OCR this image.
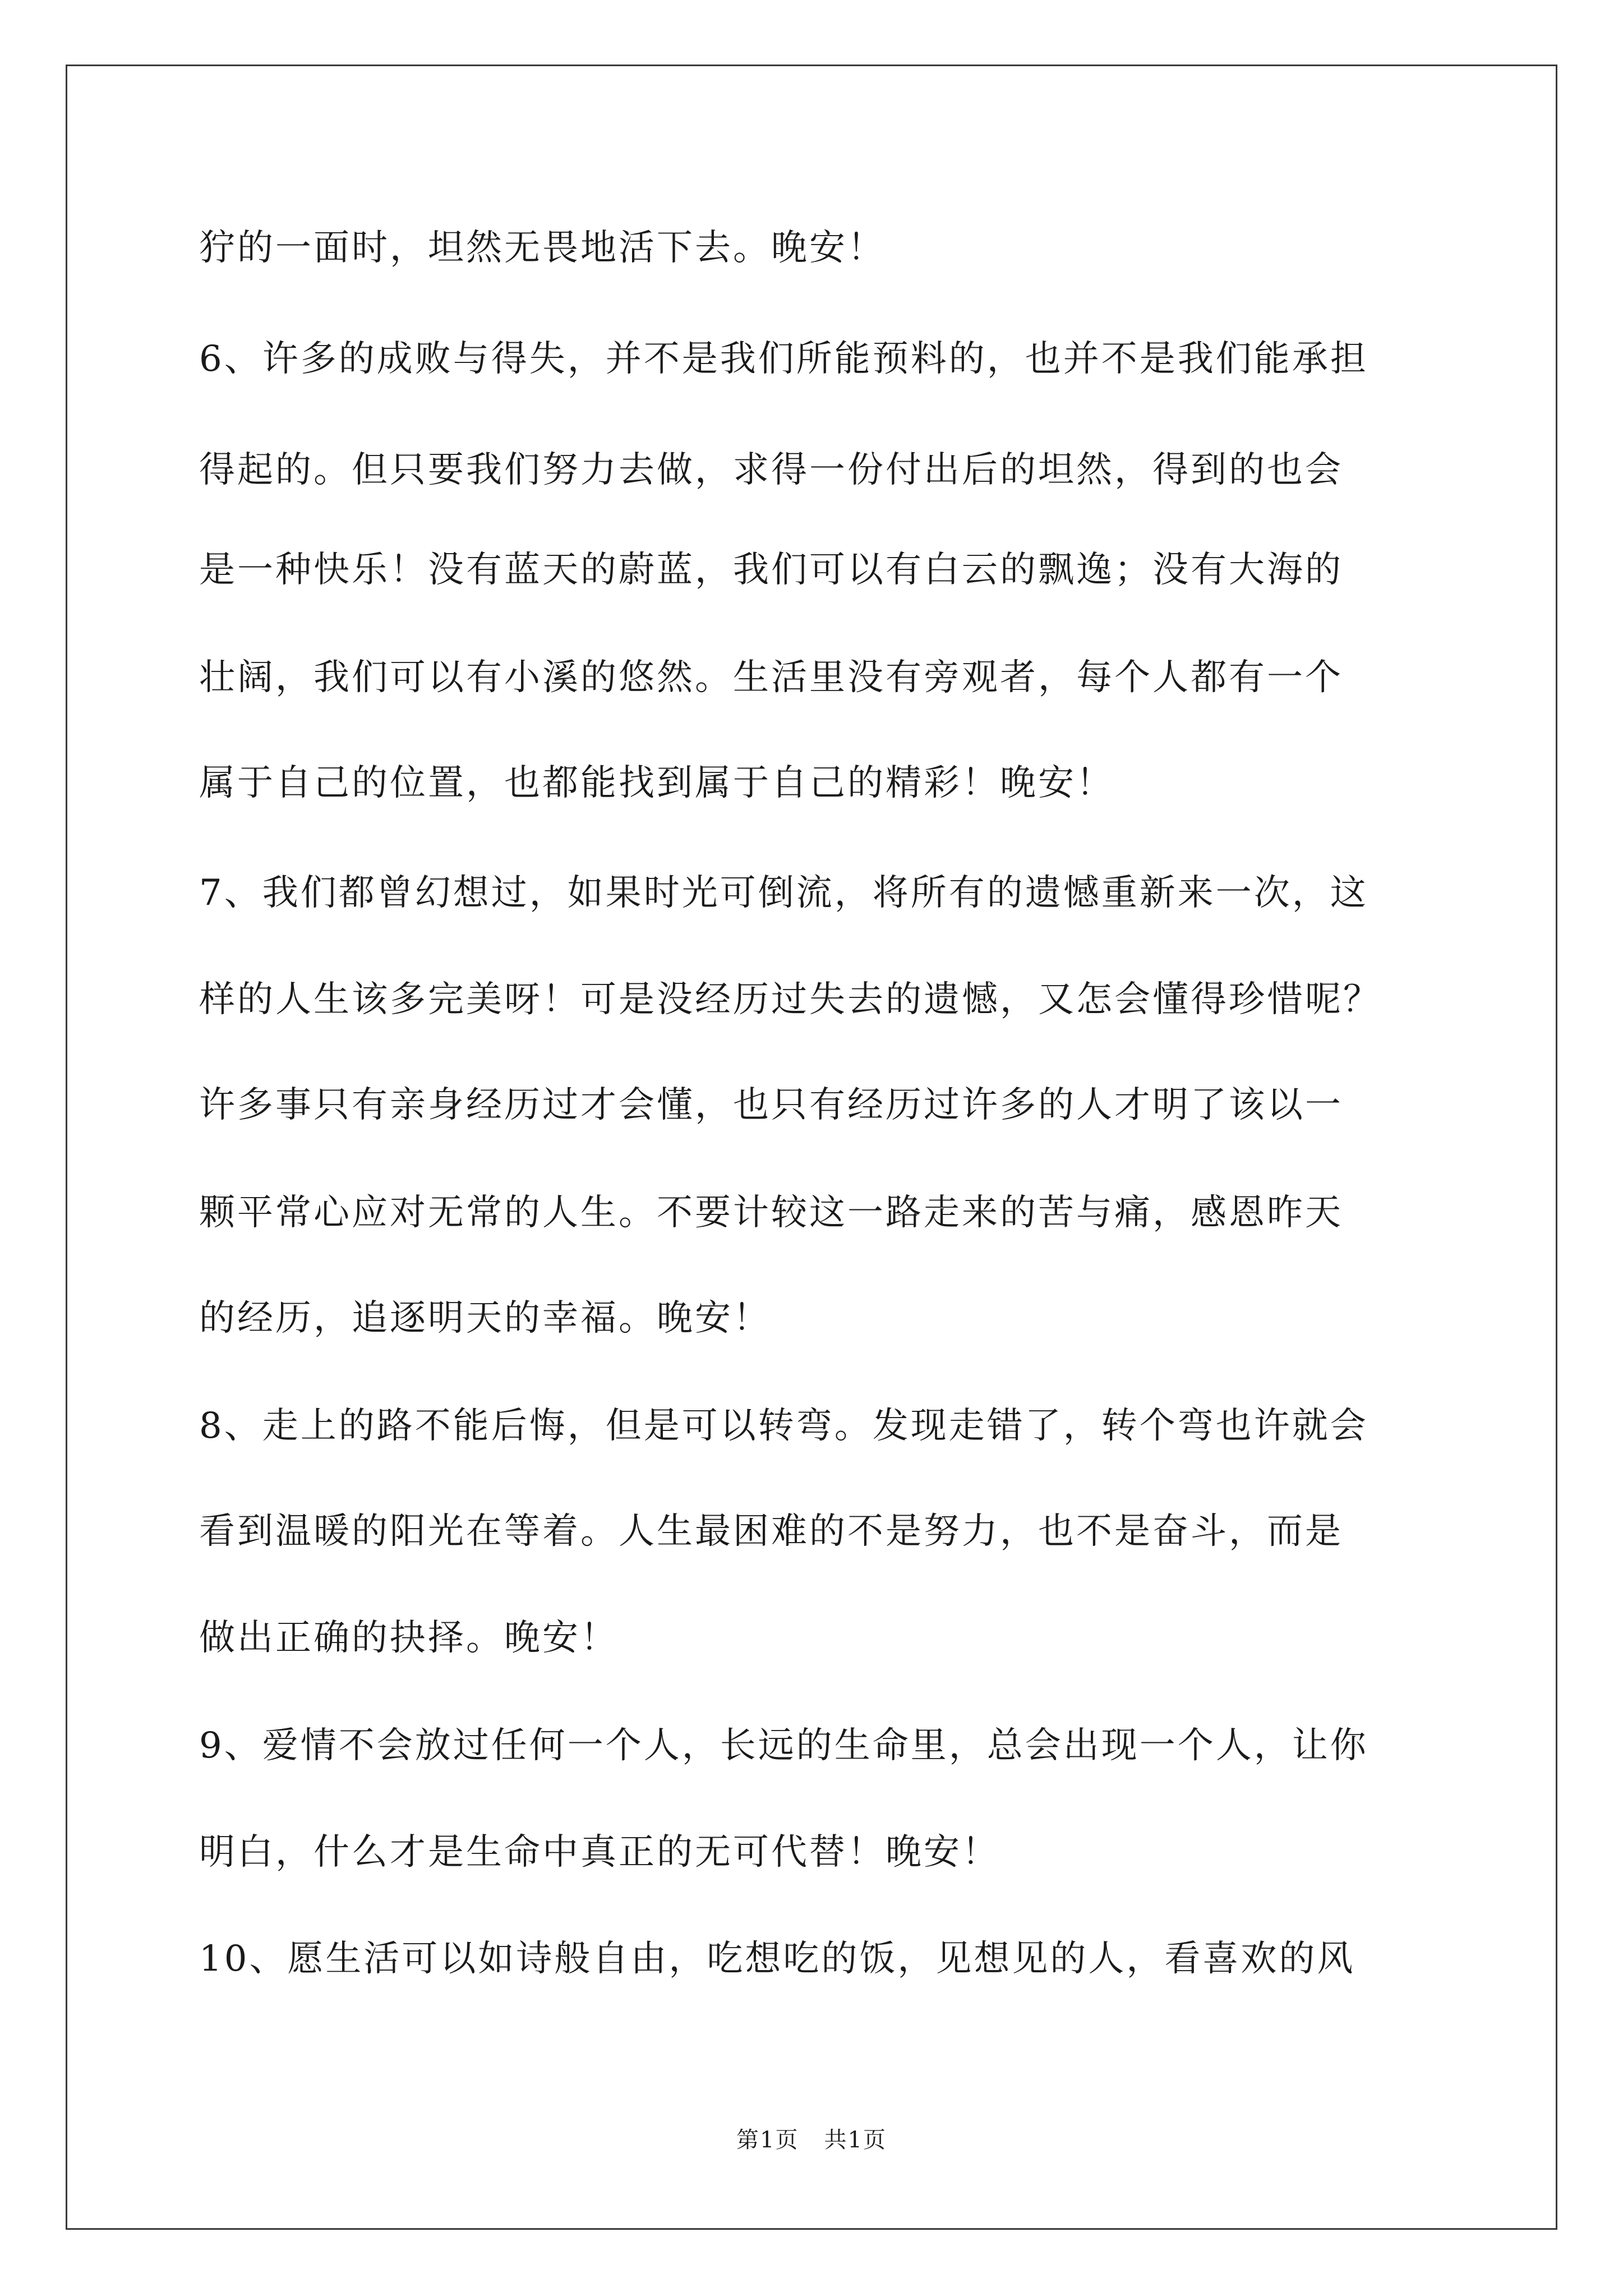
狞的一面时，坦然无畏地活下去。晚安！
6、许多的成败与得失，并不是我们所能预料的，也并不是我们能承担
得起的。但只要我们努力去做，求得一份付出后的坦然，得到的也会
是一种快乐！没有蓝天的蔚蓝，我们可以有白云的飘逸；没有大海的
壮阔，我们可以有小溪的悠然。生活里没有旁观者，每个人都有一个
属于自己的位置，也都能找到属于自己的精彩！晚安！
7、我们都曾幻想过，如果时光可倒流，将所有的遗憾重新来一次，这
样的人生该多完美呀！可是没经历过失去的遗憾，又怎会懂得珍惜呢？
许多事只有亲身经历过才会懂，也只有经历过许多的人才明了该以一
颗平常心应对无常的人生。不要计较这一路走来的苦与痛，感恩昨天
的经历，追逐明天的幸福。晚安！
8、走上的路不能后悔，但是可以转弯。发现走错了，转个弯也许就会
看到温暖的阳光在等着。人生最困难的不是努力，也不是奋斗，而是
做出正确的抉择。晚安！
9、爱情不会放过任何一个人，长远的生命里，总会出现一个人，让你
明白，什么才是生命中真正的无可代替！晚安！
10、愿生活可以如诗般自由，吃想吃的饭，见想见的人，看喜欢的风
第1页 共1页
